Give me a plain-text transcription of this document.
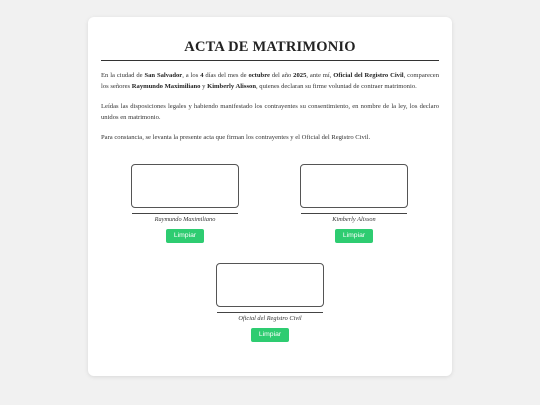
ACTA DE MATRIMONIO

En la ciudad de San Salvador, a los 4 días del mes de octubre del año 2025, ante mí, Oficial del Registro Civil, comparecen los señores Raymundo Maximiliano y Kimberly Alisson, quienes declaran su firme voluntad de contraer matrimonio.

Leídas las disposiciones legales y habiendo manifestado los contrayentes su consentimiento, en nombre de la ley, los declaro unidos en matrimonio.

Para constancia, se levanta la presente acta que firman los contrayentes y el Oficial del Registro Civil.

Raymundo Maximiliano
Limpiar
Kimberly Alisson
Limpiar
Oficial del Registro Civil
Limpiar
